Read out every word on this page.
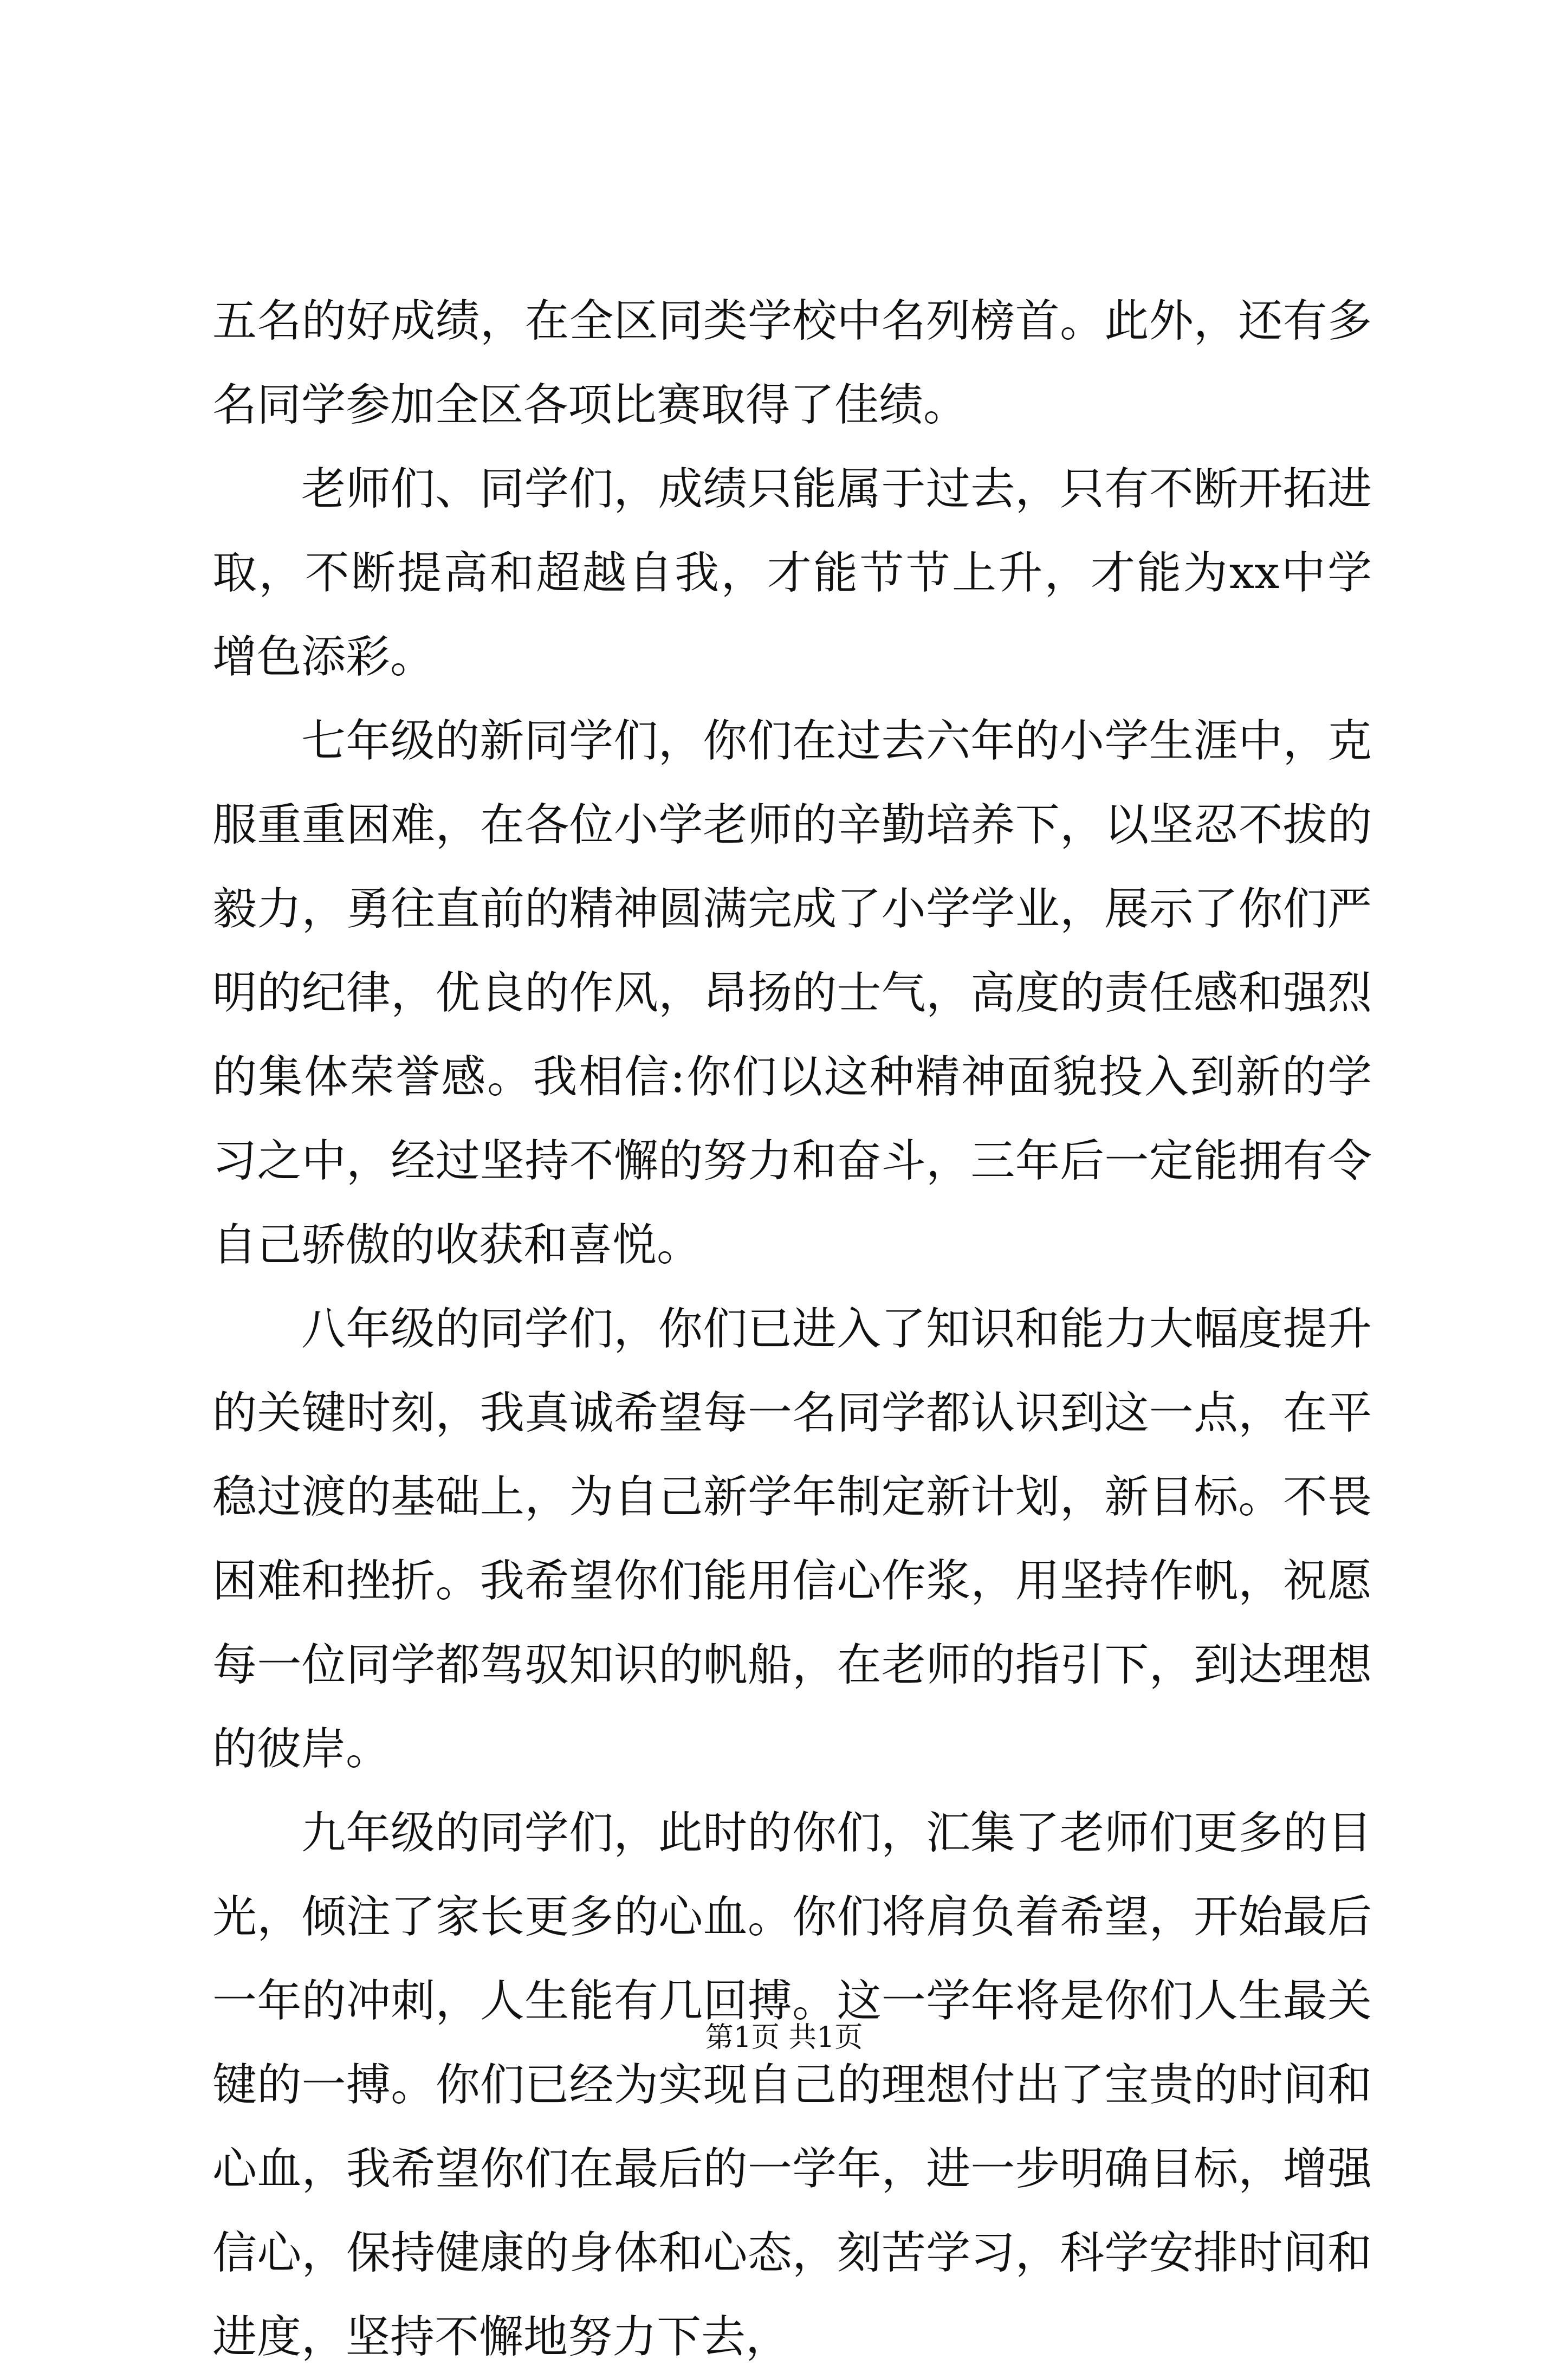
五名的好成绩，在全区同类学校中名列榜首。此外，还有多名同学参加全区各项比赛取得了佳绩。

老师们、同学们，成绩只能属于过去，只有不断开拓进取，不断提高和超越自我，才能节节上升，才能为xx中学增色添彩。

七年级的新同学们，你们在过去六年的小学生涯中，克服重重困难，在各位小学老师的辛勤培养下，以坚忍不拔的毅力，勇往直前的精神圆满完成了小学学业，展示了你们严明的纪律，优良的作风，昂扬的士气，高度的责任感和强烈的集体荣誉感。我相信:你们以这种精神面貌投入到新的学习之中，经过坚持不懈的努力和奋斗，三年后一定能拥有令自己骄傲的收获和喜悦。

八年级的同学们，你们已进入了知识和能力大幅度提升的关键时刻，我真诚希望每一名同学都认识到这一点，在平稳过渡的基础上，为自己新学年制定新计划，新目标。不畏困难和挫折。我希望你们能用信心作浆，用坚持作帆，祝愿每一位同学都驾驭知识的帆船，在老师的指引下，到达理想的彼岸。

九年级的同学们，此时的你们，汇集了老师们更多的目光，倾注了家长更多的心血。你们将肩负着希望，开始最后一年的冲刺，人生能有几回搏。这一学年将是你们人生最关键的一搏。你们已经为实现自己的理想付出了宝贵的时间和心血，我希望你们在最后的一学年，进一步明确目标，增强信心，保持健康的身体和心态，刻苦学习，科学安排时间和进度，坚持不懈地努力下去，

第1页 共1页
